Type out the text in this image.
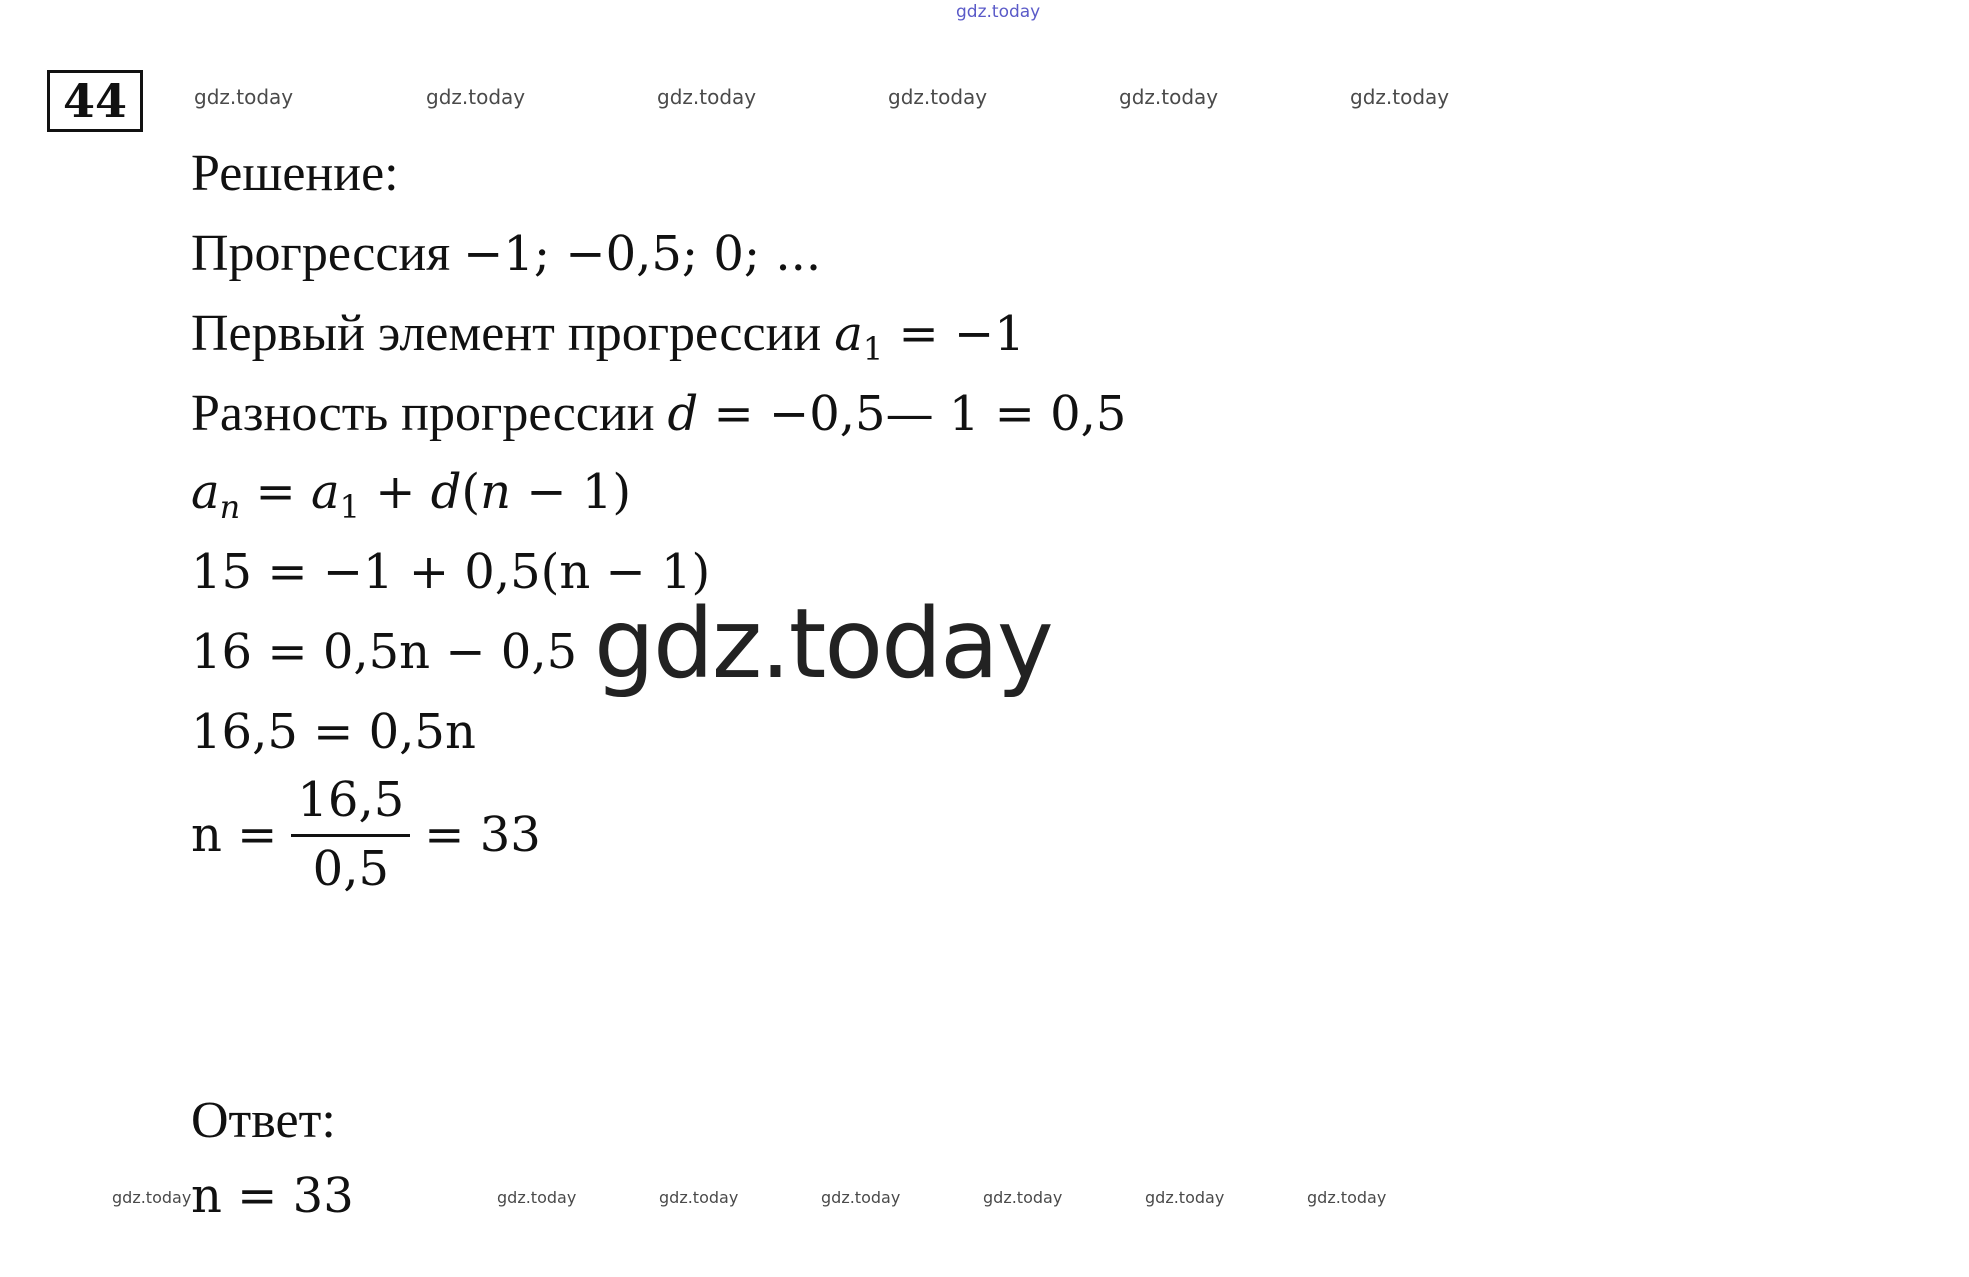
gdz.today
gdz.today	gdz.today	gdz.today	gdz.today	gdz.today	gdz.today
44
Решение:
Прогрессия −1; −0,5; 0; ...
Первый элемент прогрессии $a_1 = -1$
Разность прогрессии d = −0,5— 1 = 0,5
$a_n = a_1 + d(n - 1)$
15 = −1 + 0,5(n − 1)
16 = 0,5n − 0,5
16,5 = 0,5n
$n = \frac{16,5}{0,5} = 33$
gdz.today
Ответ:
n = 33
gdz.today	gdz.today	gdz.today	gdz.today	gdz.today	gdz.today	gdz.today
